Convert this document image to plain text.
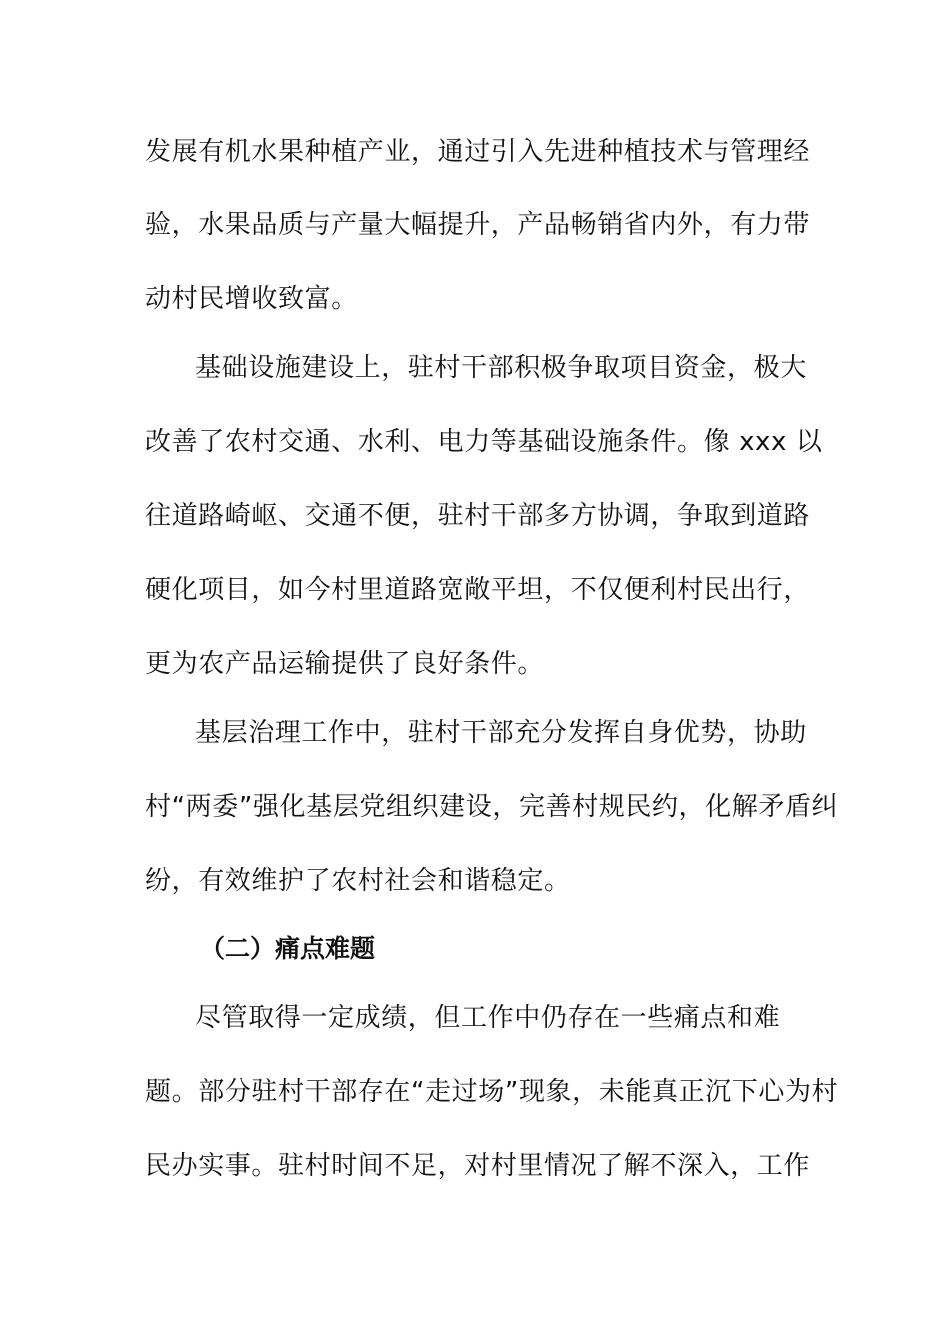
发展有机水果种植产业，通过引入先进种植技术与管理经
验，水果品质与产量大幅提升，产品畅销省内外，有力带
动村民增收致富。
基础设施建设上，驻村干部积极争取项目资金，极大
改善了农村交通、水利、电力等基础设施条件。像 xxx 以
往道路崎岖、交通不便，驻村干部多方协调，争取到道路
硬化项目，如今村里道路宽敞平坦，不仅便利村民出行，
更为农产品运输提供了良好条件。
基层治理工作中，驻村干部充分发挥自身优势，协助
村“两委”强化基层党组织建设，完善村规民约，化解矛盾纠
纷，有效维护了农村社会和谐稳定。
（二）痛点难题
尽管取得一定成绩，但工作中仍存在一些痛点和难
题。部分驻村干部存在“走过场”现象，未能真正沉下心为村
民办实事。驻村时间不足，对村里情况了解不深入，工作
